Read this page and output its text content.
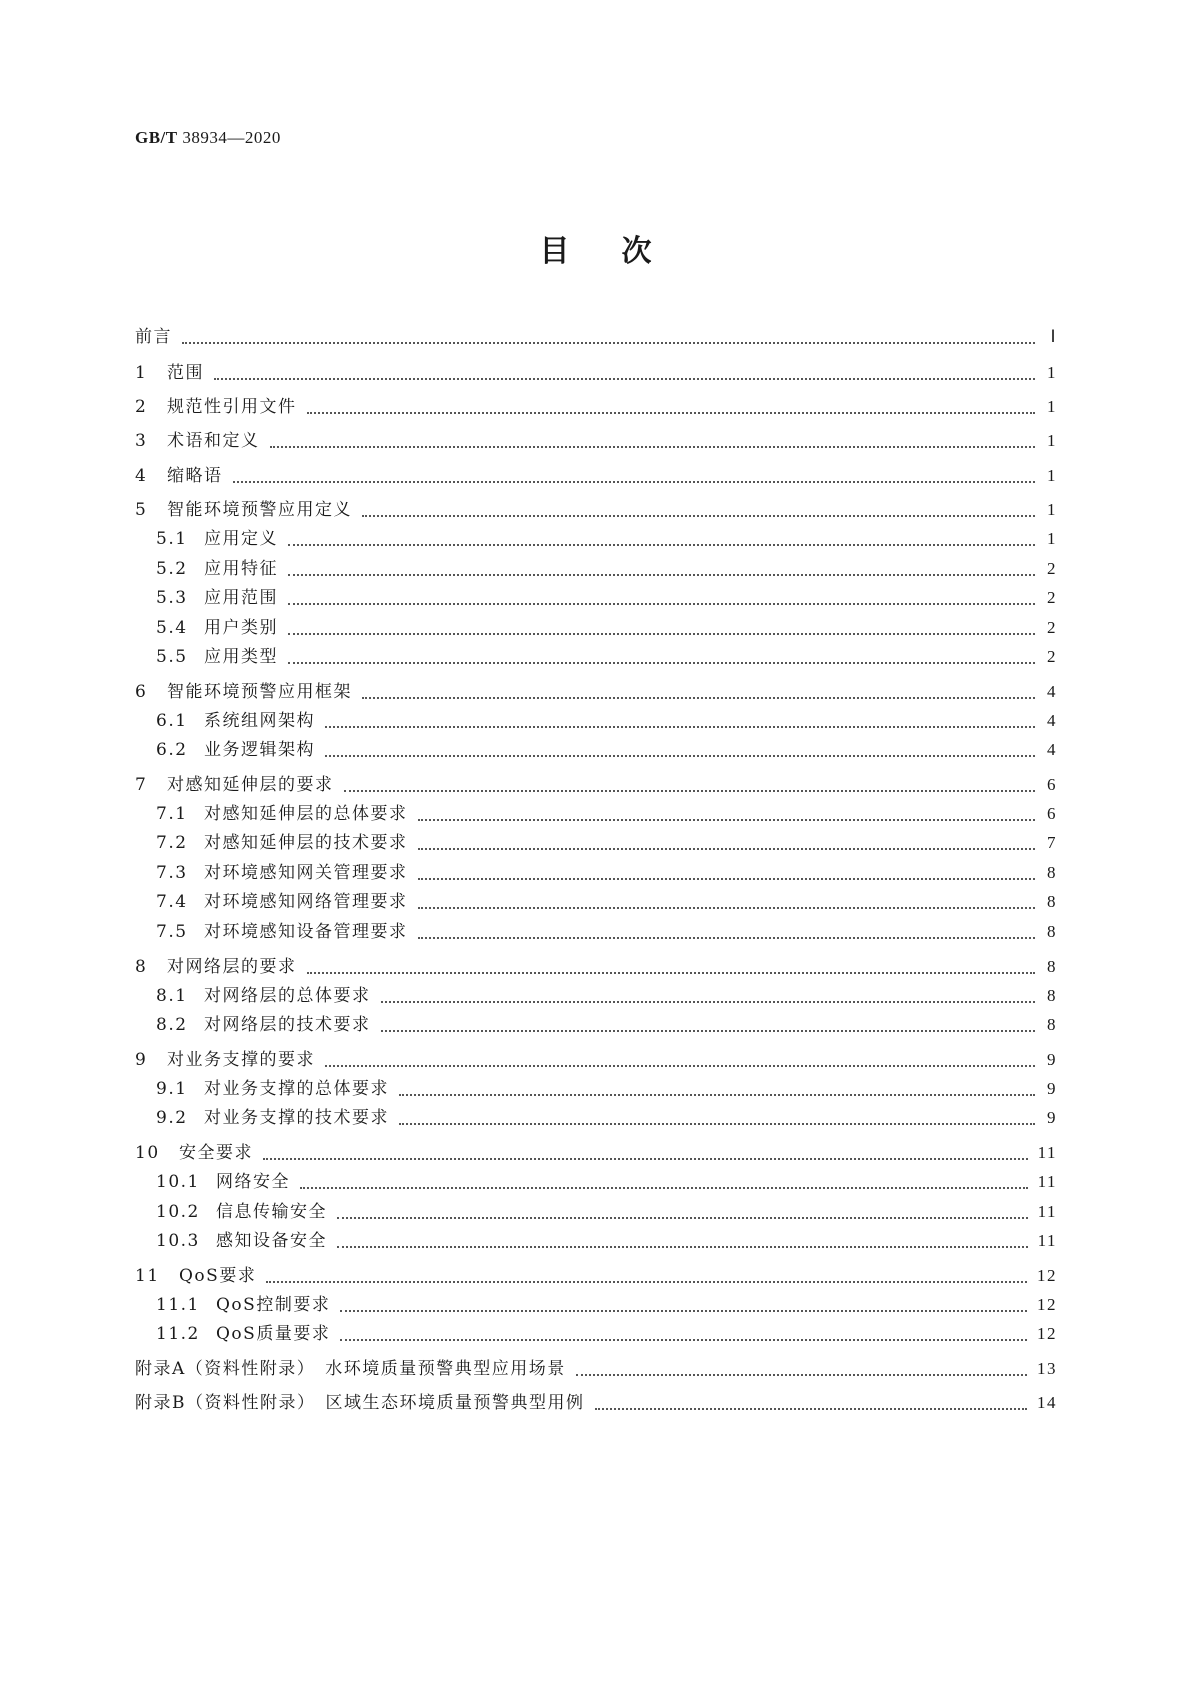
GB/T 38934—2020
目次
前言	Ⅰ
1	范围	1
2	规范性引用文件	1
3	术语和定义	1
4	缩略语	1
5	智能环境预警应用定义	1
5.1 应用定义	1
5.2 应用特征	2
5.3 应用范围	2
5.4 用户类别	2
5.5 应用类型	2
6	智能环境预警应用框架	4
6.1 系统组网架构	4
6.2 业务逻辑架构	4
7	对感知延伸层的要求	6
7.1 对感知延伸层的总体要求	6
7.2 对感知延伸层的技术要求	7
7.3 对环境感知网关管理要求	8
7.4 对环境感知网络管理要求	8
7.5 对环境感知设备管理要求	8
8	对网络层的要求	8
8.1 对网络层的总体要求	8
8.2 对网络层的技术要求	8
9	对业务支撑的要求	9
9.1 对业务支撑的总体要求	9
9.2 对业务支撑的技术要求	9
10	安全要求	11
10.1 网络安全	11
10.2 信息传输安全	11
10.3 感知设备安全	11
11	QoS要求	12
11.1 QoS控制要求	12
11.2 QoS质量要求	12
附录A（资料性附录）　水环境质量预警典型应用场景	13
附录B（资料性附录）　区域生态环境质量预警典型用例	14
